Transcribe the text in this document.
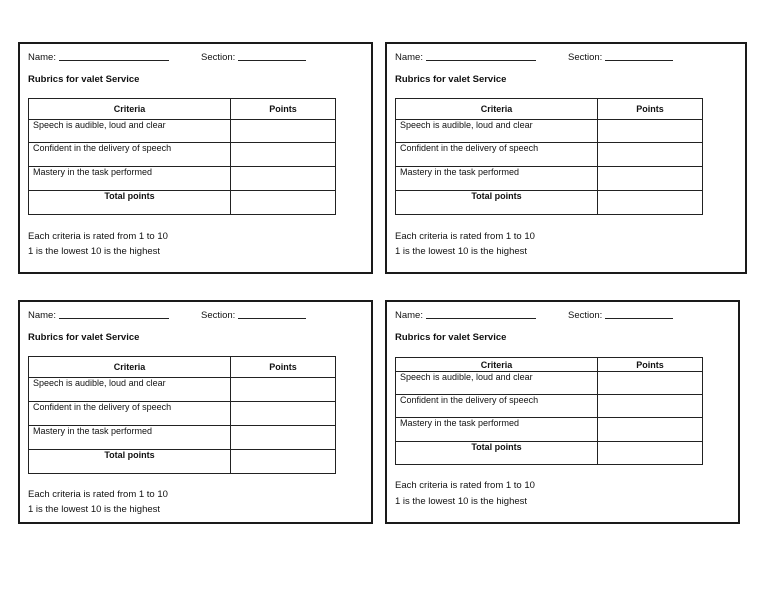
Name:	Section:
Rubrics for valet Service
Criteria	Points
Speech is audible, loud and clear	
Confident in the delivery of speech	
Mastery in the task performed	
Total points	
Each criteria is rated from 1 to 10
1 is the lowest 10 is the highest
Name:	Section:
Rubrics for valet Service
Criteria	Points
Speech is audible, loud and clear	
Confident in the delivery of speech	
Mastery in the task performed	
Total points	
Each criteria is rated from 1 to 10
1 is the lowest 10 is the highest
Name:	Section:
Rubrics for valet Service
Criteria	Points
Speech is audible, loud and clear	
Confident in the delivery of speech	
Mastery in the task performed	
Total points	
Each criteria is rated from 1 to 10
1 is the lowest 10 is the highest
Name:	Section:
Rubrics for valet Service
Criteria	Points
Speech is audible, loud and clear	
Confident in the delivery of speech	
Mastery in the task performed	
Total points	
Each criteria is rated from 1 to 10
1 is the lowest 10 is the highest
